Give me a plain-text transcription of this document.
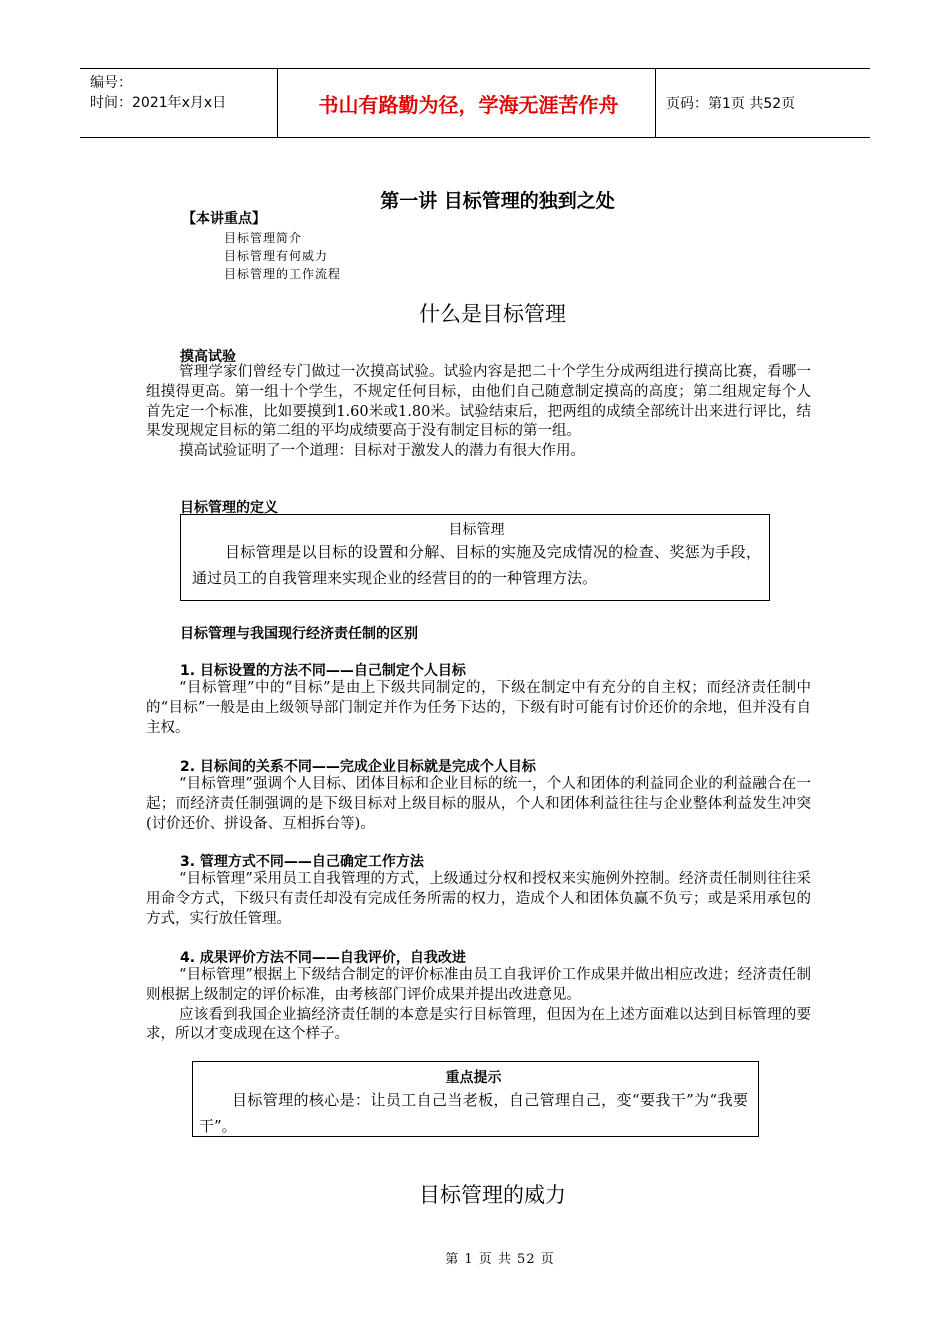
编号：
时间：2021年x月x日	书山有路勤为径，学海无涯苦作舟	页码：第1页 共52页
第一讲 目标管理的独到之处
【本讲重点】
目标管理简介
目标管理有何威力
目标管理的工作流程
什么是目标管理
摸高试验

管理学家们曾经专门做过一次摸高试验。试验内容是把二十个学生分成两组进行摸高比赛，看哪一组摸得更高。第一组十个学生，不规定任何目标，由他们自己随意制定摸高的高度；第二组规定每个人首先定一个标准，比如要摸到1.60米或1.80米。试验结束后，把两组的成绩全部统计出来进行评比，结果发现规定目标的第二组的平均成绩要高于没有制定目标的第一组。

摸高试验证明了一个道理：目标对于激发人的潜力有很大作用。

目标管理的定义
目标管理
目标管理是以目标的设置和分解、目标的实施及完成情况的检查、奖惩为手段，通过员工的自我管理来实现企业的经营目的的一种管理方法。
目标管理与我国现行经济责任制的区别
1. 目标设置的方法不同——自己制定个人目标
“目标管理”中的“目标”是由上下级共同制定的，下级在制定中有充分的自主权；而经济责任制中的“目标”一般是由上级领导部门制定并作为任务下达的，下级有时可能有讨价还价的余地，但并没有自主权。
2. 目标间的关系不同——完成企业目标就是完成个人目标
“目标管理”强调个人目标、团体目标和企业目标的统一，个人和团体的利益同企业的利益融合在一起；而经济责任制强调的是下级目标对上级目标的服从，个人和团体利益往往与企业整体利益发生冲突(讨价还价、拼设备、互相拆台等)。
3. 管理方式不同——自己确定工作方法
“目标管理”采用员工自我管理的方式，上级通过分权和授权来实施例外控制。经济责任制则往往采用命令方式，下级只有责任却没有完成任务所需的权力，造成个人和团体负赢不负亏；或是采用承包的方式，实行放任管理。
4. 成果评价方法不同——自我评价，自我改进

“目标管理”根据上下级结合制定的评价标准由员工自我评价工作成果并做出相应改进；经济责任制则根据上级制定的评价标准，由考核部门评价成果并提出改进意见。

应该看到我国企业搞经济责任制的本意是实行目标管理，但因为在上述方面难以达到目标管理的要求，所以才变成现在这个样子。

重点提示
目标管理的核心是：让员工自己当老板，自己管理自己，变“要我干”为“我要干”。
目标管理的威力
第 1 页 共 52 页
